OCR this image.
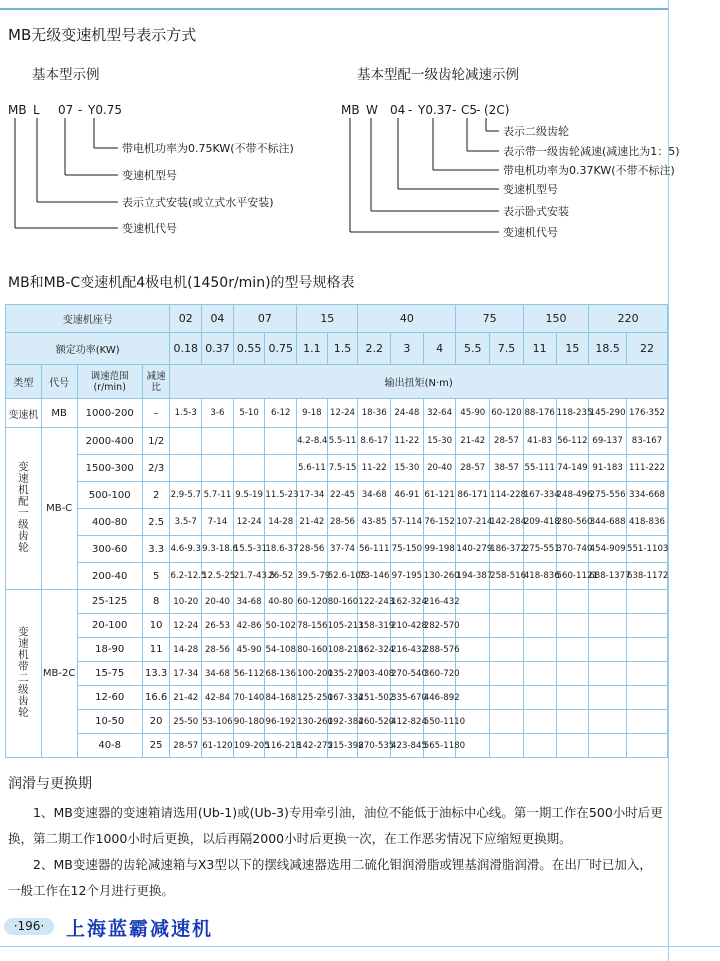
MB无级变速机型号表示方式
基本型示例	基本型配一级齿轮减速示例
MB L 07 - Y0.75
带电机功率为0.75KW(不带不标注)
变速机型号
表示立式安装(或立式水平安装)
变速机代号
MB W 04 - Y0.37 - C5
- (2C)
表示二级齿轮
表示带一级齿轮减速(减速比为1：5)
带电机功率为0.37KW(不带不标注)
变速机型号
表示卧式安装
变速机代号
MB和MB-C变速机配4极电机(1450r/min)的型号规格表
变速机座号				02	04	07		15		40			75		150		220	
额定功率(KW)				0.18	0.37	0.55	0.75	1.1	1.5	2.2	3	4	5.5	7.5	11	15	18.5	22
类型	代号	调速范围(r/min)	减速比	输出扭矩(N·m)														
变速机	MB	1000-200	–	1.5-3	3-6	5-10	6-12	9-18	12-24	18-36	24-48	32-64	45-90	60-120	88-176	118-235	145-290	176-352
变速机配一级齿轮	MB-C	2000-400	1/2					4.2-8.4	5.5-11	8.6-17	11-22	15-30	21-42	28-57	41-83	56-112	69-137	83-167
		1500-300	2/3					5.6-11	7.5-15	11-22	15-30	20-40	28-57	38-57	55-111	74-149	91-183	111-222
		500-100	2	2.9-5.7	5.7-11	9.5-19	11.5-23	17-34	22-45	34-68	46-91	61-121	86-171	114-228	167-334	248-496	275-556	334-668
		400-80	2.5	3.5-7	7-14	12-24	14-28	21-42	28-56	43-85	57-114	76-152	107-214	142-284	209-418	280-560	344-688	418-836
		300-60	3.3	4.6-9.3	9.3-18.6	15.5-31	18.6-37	28-56	37-74	56-111	75-150	99-198	140-279	186-372	275-551	370-740	454-909	551-1103
		200-40	5	6.2-12.5	12.5-25	21.7-43.5	26-52	39.5-79	52.6-105	73-146	97-195	130-260	194-387	258-516	418-836	560-1121	688-1377	638-1172
变速机带二级齿轮	MB-2C	25-125	8	10-20	20-40	34-68	40-80	60-120	80-160	122-243	162-324	216-432						
		20-100	10	12-24	26-53	42-86	50-102	78-156	105-213	158-319	210-428	282-570						
		18-90	11	14-28	28-56	45-90	54-108	80-160	108-218	162-324	216-432	288-576						
		15-75	13.3	17-34	34-68	56-112	68-136	100-200	135-270	203-408	270-540	360-720						
		12-60	16.6	21-42	42-84	70-140	84-168	125-250	167-334	251-502	335-670	446-892						
		10-50	20	25-50	53-106	90-180	96-192	130-260	192-384	260-520	412-824	550-1110						
		40-8	25	28-57	61-120	109-205	116-218	142-275	215-398	270-535	423-845	565-1180						
润滑与更换期
1、MB变速器的变速箱请选用(Ub-1)或(Ub-3)专用牵引油，油位不能低于油标中心线。第一期工作在500小时后更换，第二期工作1000小时后更换，以后再隔2000小时后更换一次，在工作恶劣情况下应缩短更换期。
2、MB变速器的齿轮减速箱与X3型以下的摆线减速器选用二硫化钼润滑脂或锂基润滑脂润滑。在出厂时已加入，一般工作在12个月进行更换。
·196·	上海蓝霸减速机
